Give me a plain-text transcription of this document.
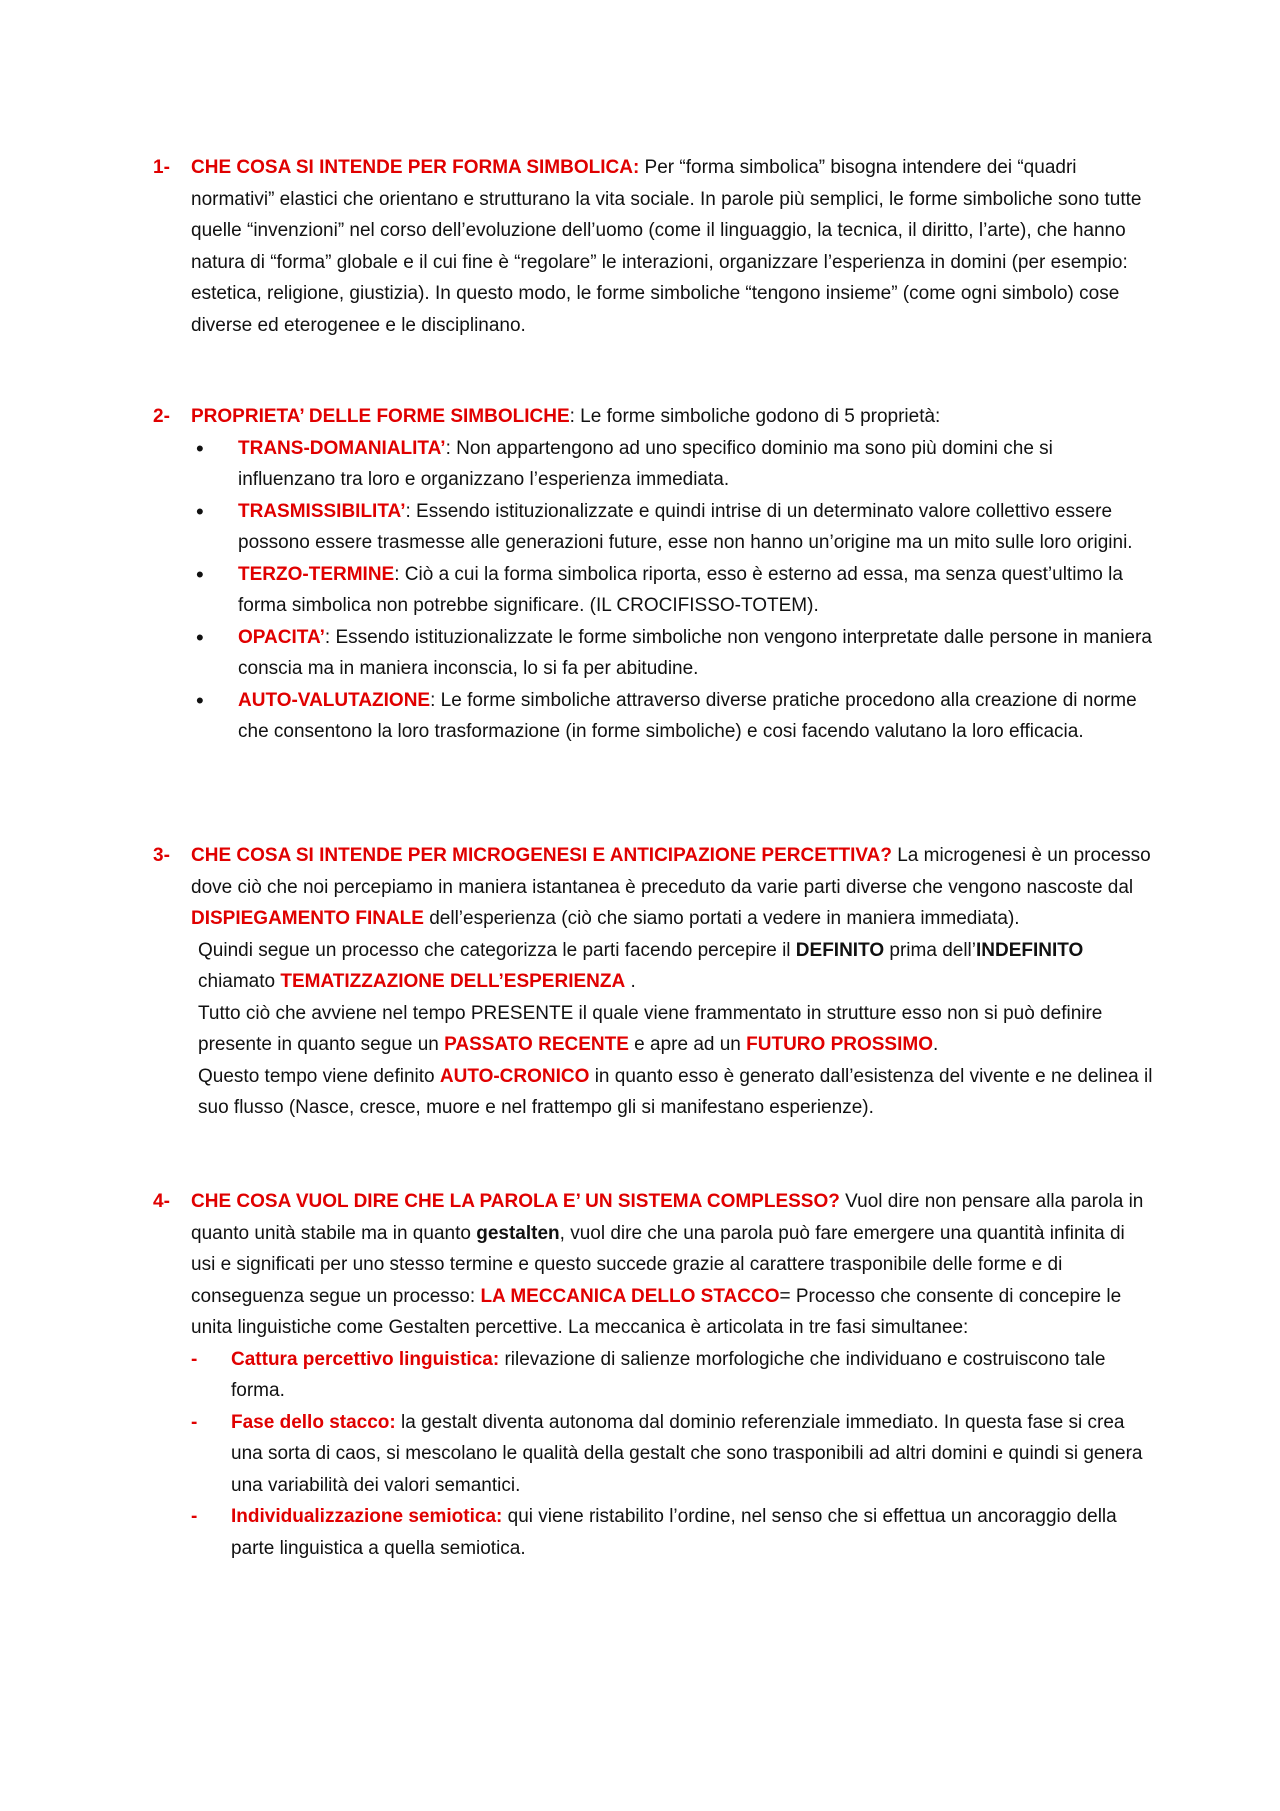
1- CHE COSA SI INTENDE PER FORMA SIMBOLICA: Per “forma simbolica” bisogna intendere dei “quadri normativi” elastici che orientano e strutturano la vita sociale. In parole più semplici, le forme simboliche sono tutte quelle “invenzioni” nel corso dell’evoluzione dell’uomo (come il linguaggio, la tecnica, il diritto, l’arte), che hanno natura di “forma” globale e il cui fine è “regolare” le interazioni, organizzare l’esperienza in domini (per esempio: estetica, religione, giustizia). In questo modo, le forme simboliche “tengono insieme” (come ogni simbolo) cose diverse ed eterogenee e le disciplinano.
2- PROPRIETA’ DELLE FORME SIMBOLICHE: Le forme simboliche godono di 5 proprietà:
• TRANS-DOMANIALITA’: Non appartengono ad uno specifico dominio ma sono più domini che si influenzano tra loro e organizzano l’esperienza immediata.
• TRASMISSIBILITA’: Essendo istituzionalizzate e quindi intrise di un determinato valore collettivo essere possono essere trasmesse alle generazioni future, esse non hanno un’origine ma un mito sulle loro origini.
• TERZO-TERMINE: Ciò a cui la forma simbolica riporta, esso è esterno ad essa, ma senza quest’ultimo la forma simbolica non potrebbe significare. (IL CROCIFISSO-TOTEM).
• OPACITA’: Essendo istituzionalizzate le forme simboliche non vengono interpretate dalle persone in maniera conscia ma in maniera inconscia, lo si fa per abitudine.
• AUTO-VALUTAZIONE: Le forme simboliche attraverso diverse pratiche procedono alla creazione di norme che consentono la loro trasformazione (in forme simboliche) e cosi facendo valutano la loro efficacia.
3- CHE COSA SI INTENDE PER MICROGENESI E ANTICIPAZIONE PERCETTIVA? La microgenesi è un processo dove ciò che noi percepiamo in maniera istantanea è preceduto da varie parti diverse che vengono nascoste dal DISPIEGAMENTO FINALE dell’esperienza (ciò che siamo portati a vedere in maniera immediata).
Quindi segue un processo che categorizza le parti facendo percepire il DEFINITO prima dell’INDEFINITO chiamato TEMATIZZAZIONE DELL’ESPERIENZA .
Tutto ciò che avviene nel tempo PRESENTE il quale viene frammentato in strutture esso non si può definire presente in quanto segue un PASSATO RECENTE e apre ad un FUTURO PROSSIMO.
Questo tempo viene definito AUTO-CRONICO in quanto esso è generato dall’esistenza del vivente e ne delinea il suo flusso (Nasce, cresce, muore e nel frattempo gli si manifestano esperienze).
4- CHE COSA VUOL DIRE CHE LA PAROLA E’ UN SISTEMA COMPLESSO? Vuol dire non pensare alla parola in quanto unità stabile ma in quanto gestalten, vuol dire che una parola può fare emergere una quantità infinita di usi e significati per uno stesso termine e questo succede grazie al carattere trasponibile delle forme e di conseguenza segue un processo: LA MECCANICA DELLO STACCO= Processo che consente di concepire le unita linguistiche come Gestalten percettive. La meccanica è articolata in tre fasi simultanee:
- Cattura percettivo linguistica: rilevazione di salienze morfologiche che individuano e costruiscono tale forma.
- Fase dello stacco: la gestalt diventa autonoma dal dominio referenziale immediato. In questa fase si crea una sorta di caos, si mescolano le qualità della gestalt che sono trasponibili ad altri domini e quindi si genera una variabilità dei valori semantici.
- Individualizzazione semiotica: qui viene ristabilito l’ordine, nel senso che si effettua un ancoraggio della parte linguistica a quella semiotica.
